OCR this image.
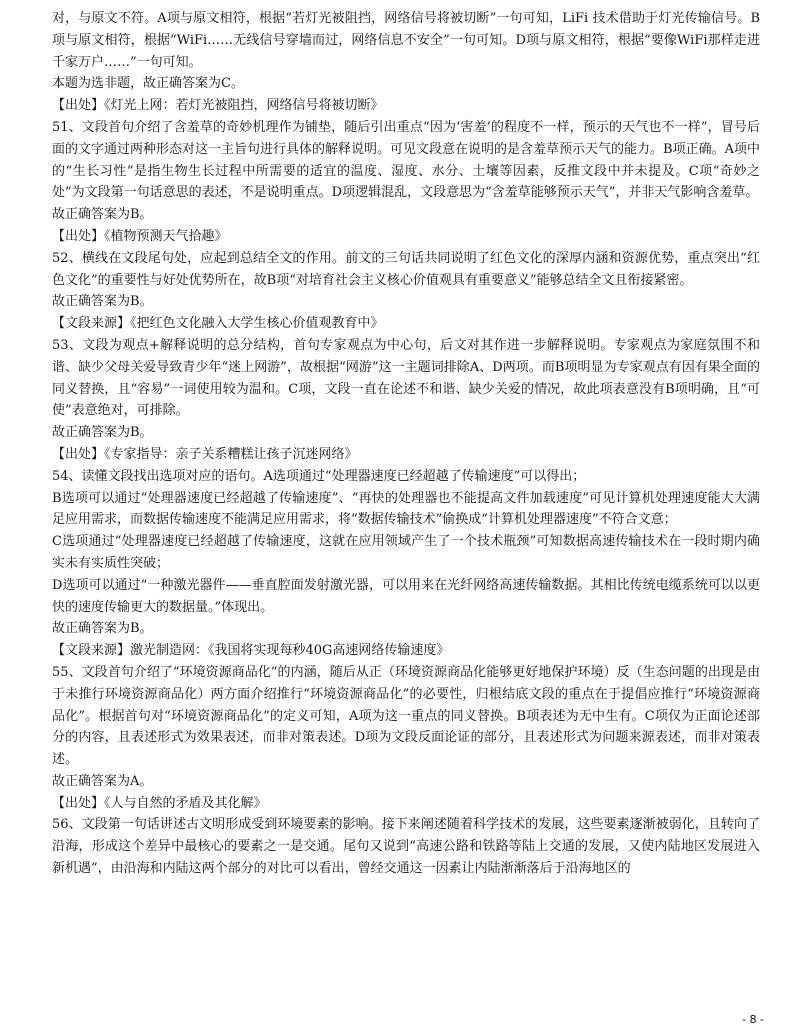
对，与原文不符。A项与原文相符，根据“若灯光被阻挡，网络信号将被切断”一句可知，LiFi 技术借助于灯光传输信号。B项与原文相符，根据“WiFi……无线信号穿墙而过，网络信息不安全”一句可知。D项与原文相符，根据“要像WiFi那样走进千家万户……”一句可知。

本题为选非题，故正确答案为C。

【出处】《灯光上网：若灯光被阻挡，网络信号将被切断》

51、文段首句介绍了含羞草的奇妙机理作为铺垫，随后引出重点“因为‘害羞’的程度不一样，预示的天气也不一样”，冒号后面的文字通过两种形态对这一主旨句进行具体的解释说明。可见文段意在说明的是含羞草预示天气的能力。B项正确。A项中的“生长习性”是指生物生长过程中所需要的适宜的温度、湿度、水分、土壤等因素，反推文段中并未提及。C项“奇妙之处”为文段第一句话意思的表述，不是说明重点。D项逻辑混乱，文段意思为“含羞草能够预示天气”，并非天气影响含羞草。

故正确答案为B。

【出处】《植物预测天气拾趣》

52、横线在文段尾句处，应起到总结全文的作用。前文的三句话共同说明了红色文化的深厚内涵和资源优势，重点突出“红色文化”的重要性与好处优势所在，故B项“对培育社会主义核心价值观具有重要意义”能够总结全文且衔接紧密。

故正确答案为B。

【文段来源】《把红色文化融入大学生核心价值观教育中》

53、文段为观点+解释说明的总分结构，首句专家观点为中心句，后文对其作进一步解释说明。专家观点为家庭氛围不和谐、缺少父母关爱导致青少年“迷上网游”，故根据“网游”这一主题词排除A、D两项。而B项明显为专家观点有因有果全面的同义替换，且“容易”一词使用较为温和。C项，文段一直在论述不和谐、缺少关爱的情况，故此项表意没有B项明确，且“可使”表意绝对，可排除。

故正确答案为B。

【出处】《专家指导：亲子关系糟糕让孩子沉迷网络》

54、读懂文段找出选项对应的语句。A选项通过“处理器速度已经超越了传输速度”可以得出；

B选项可以通过“处理器速度已经超越了传输速度”、“再快的处理器也不能提高文件加载速度”可见计算机处理速度能大大满足应用需求，而数据传输速度不能满足应用需求，将“数据传输技术”偷换成“计算机处理器速度”不符合文意；

C选项通过“处理器速度已经超越了传输速度，这就在应用领域产生了一个技术瓶颈”可知数据高速传输技术在一段时期内确实未有实质性突破；

D选项可以通过“一种激光器件——垂直腔面发射激光器，可以用来在光纤网络高速传输数据。其相比传统电缆系统可以以更快的速度传输更大的数据量。”体现出。

故正确答案为B。

【文段来源】激光制造网：《我国将实现每秒40G高速网络传输速度》

55、文段首句介绍了“环境资源商品化”的内涵，随后从正（环境资源商品化能够更好地保护环境）反（生态问题的出现是由于未推行环境资源商品化）两方面介绍推行“环境资源商品化”的必要性，归根结底文段的重点在于提倡应推行“环境资源商品化”。根据首句对“环境资源商品化”的定义可知，A项为这一重点的同义替换。B项表述为无中生有。C项仅为正面论述部分的内容，且表述形式为效果表述，而非对策表述。D项为文段反面论证的部分，且表述形式为问题来源表述，而非对策表述。

故正确答案为A。

【出处】《人与自然的矛盾及其化解》

56、文段第一句话讲述古文明形成受到环境要素的影响。接下来阐述随着科学技术的发展，这些要素逐渐被弱化，且转向了沿海，形成这个差异中最核心的要素之一是交通。尾句又说到“高速公路和铁路等陆上交通的发展，又使内陆地区发展进入新机遇”，由沿海和内陆这两个部分的对比可以看出，曾经交通这一因素让内陆渐渐落后于沿海地区的

- 8 -
